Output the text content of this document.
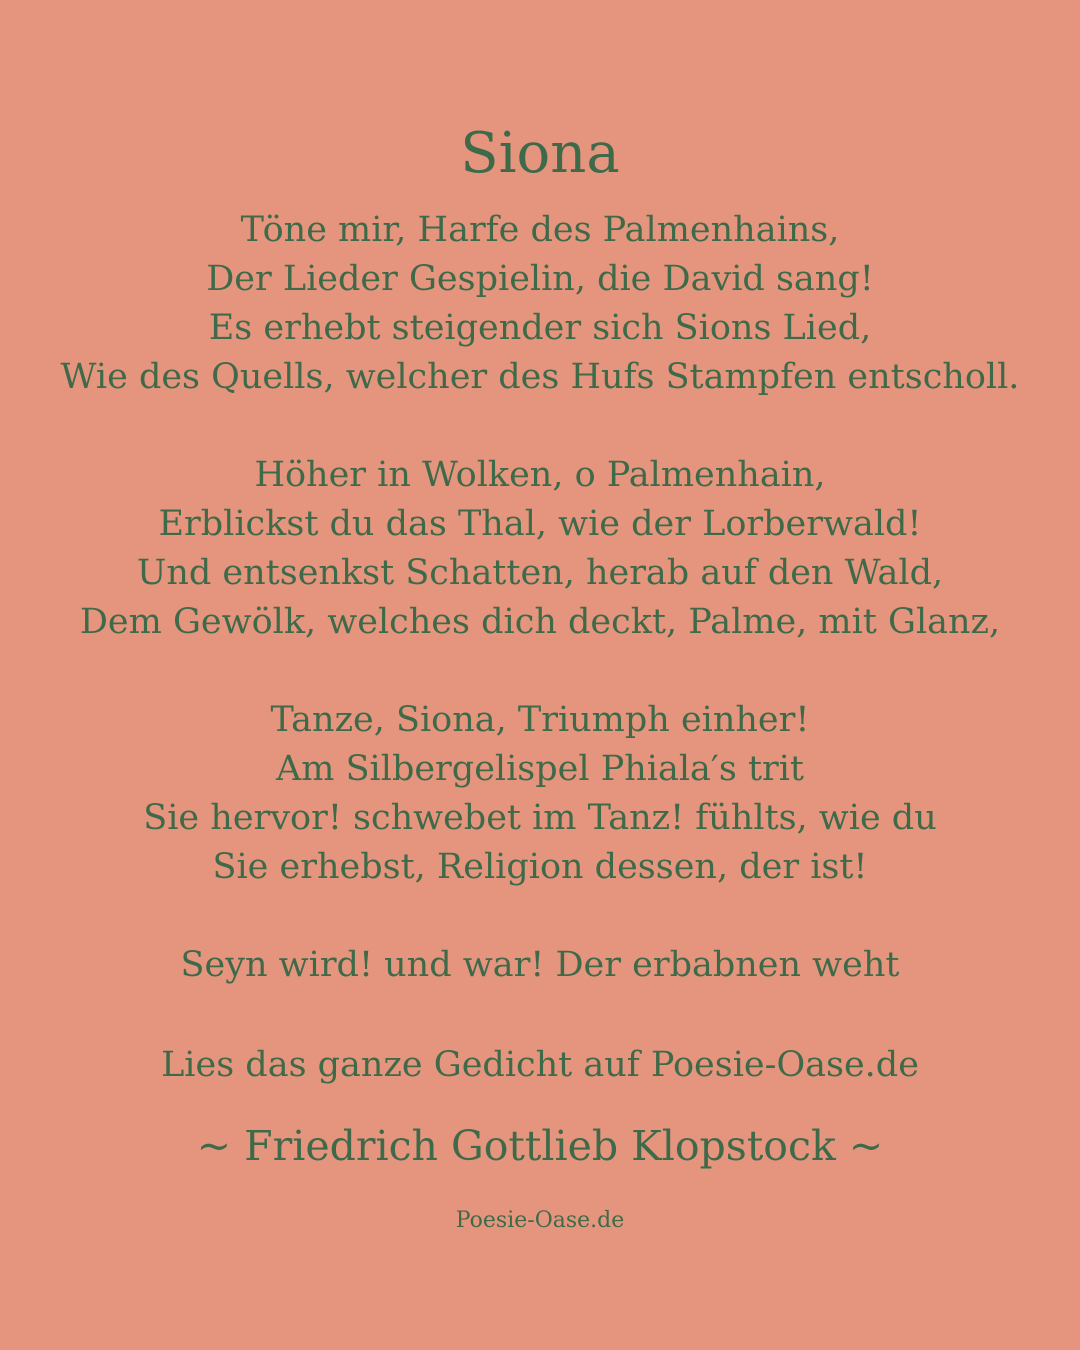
Siona
Töne mir, Harfe des Palmenhains,
Der Lieder Gespielin, die David sang!
Es erhebt steigender sich Sions Lied,
Wie des Quells, welcher des Hufs Stampfen entscholl.
Höher in Wolken, o Palmenhain,
Erblickst du das Thal, wie der Lorberwald!
Und entsenkst Schatten, herab auf den Wald,
Dem Gewölk, welches dich deckt, Palme, mit Glanz,
Tanze, Siona, Triumph einher!
Am Silbergelispel Phiala′s trit
Sie hervor! schwebet im Tanz! fühlts, wie du
Sie erhebst, Religion dessen, der ist!
Seyn wird! und war! Der erbabnen weht
Lies das ganze Gedicht auf Poesie-Oase.de
~ Friedrich Gottlieb Klopstock ~
Poesie-Oase.de
